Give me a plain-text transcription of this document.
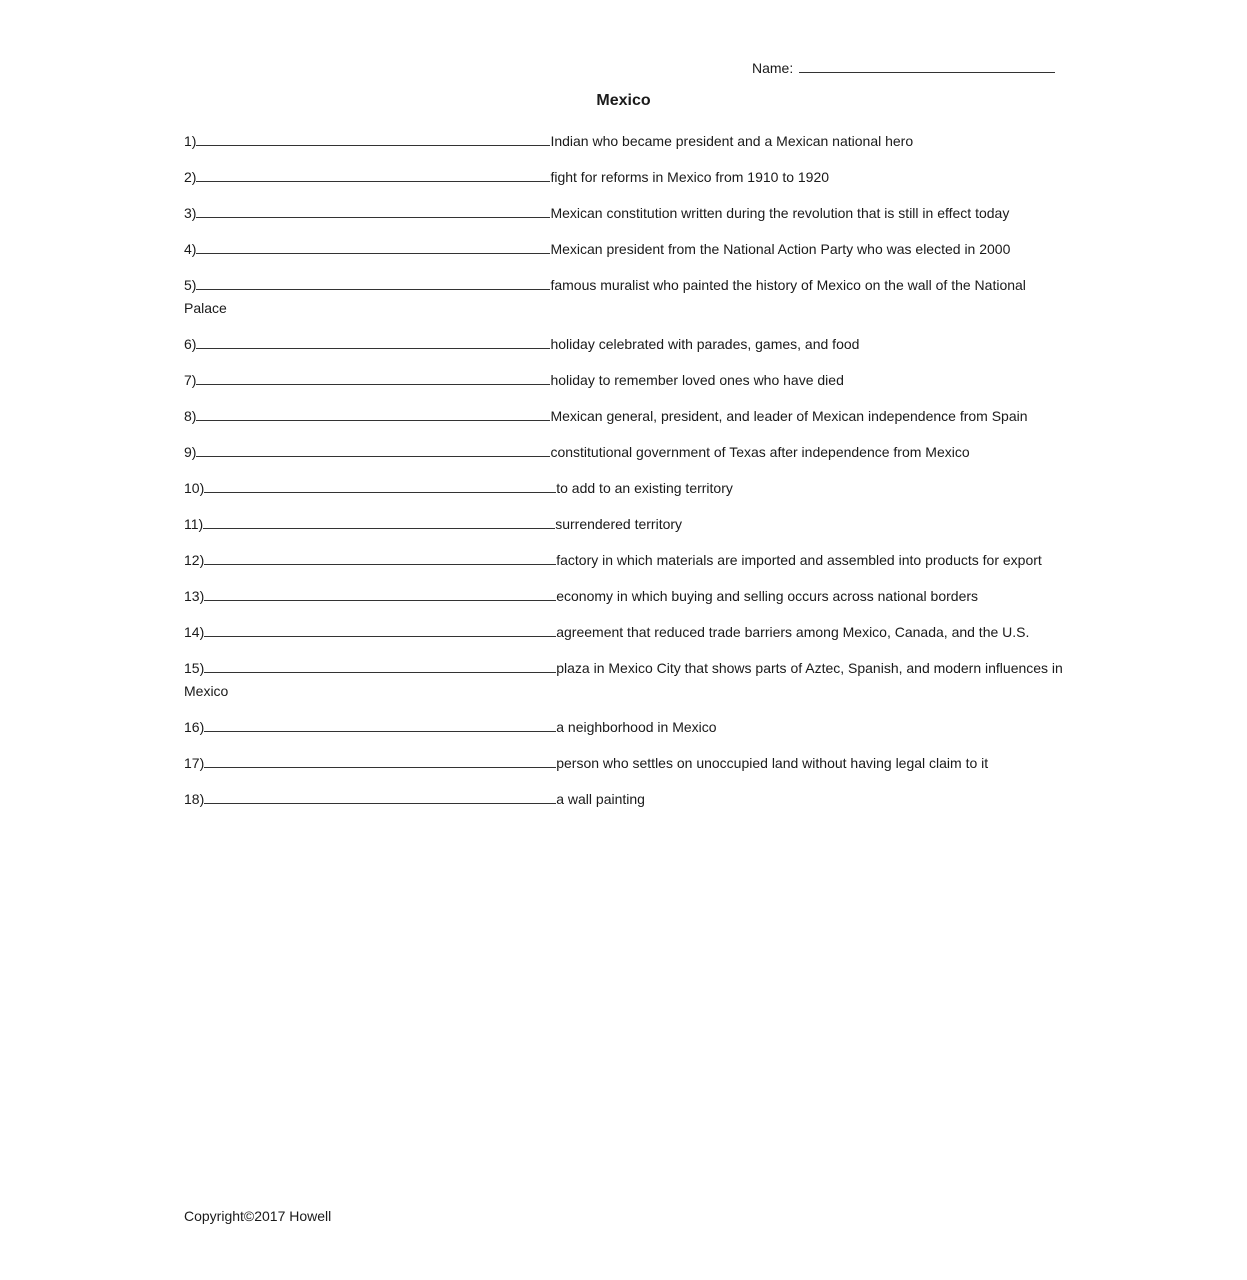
Name:
Mexico
1)	Indian who became president and a Mexican national hero
2)	fight for reforms in Mexico from 1910 to 1920
3)	Mexican constitution written during the revolution that is still in effect today
4)	Mexican president from the National Action Party who was elected in 2000
5)	famous muralist who painted the history of Mexico on the wall of the National Palace
6)	holiday celebrated with parades, games, and food
7)	holiday to remember loved ones who have died
8)	Mexican general, president, and leader of Mexican independence from Spain
9)	constitutional government of Texas after independence from Mexico
10)	to add to an existing territory
11)	surrendered territory
12)	factory in which materials are imported and assembled into products for export
13)	economy in which buying and selling occurs across national borders
14)	agreement that reduced trade barriers among Mexico, Canada, and the U.S.
15)	plaza in Mexico City that shows parts of Aztec, Spanish, and modern influences in Mexico
16)	a neighborhood in Mexico
17)	person who settles on unoccupied land without having legal claim to it
18)	a wall painting
Copyright©2017 Howell
